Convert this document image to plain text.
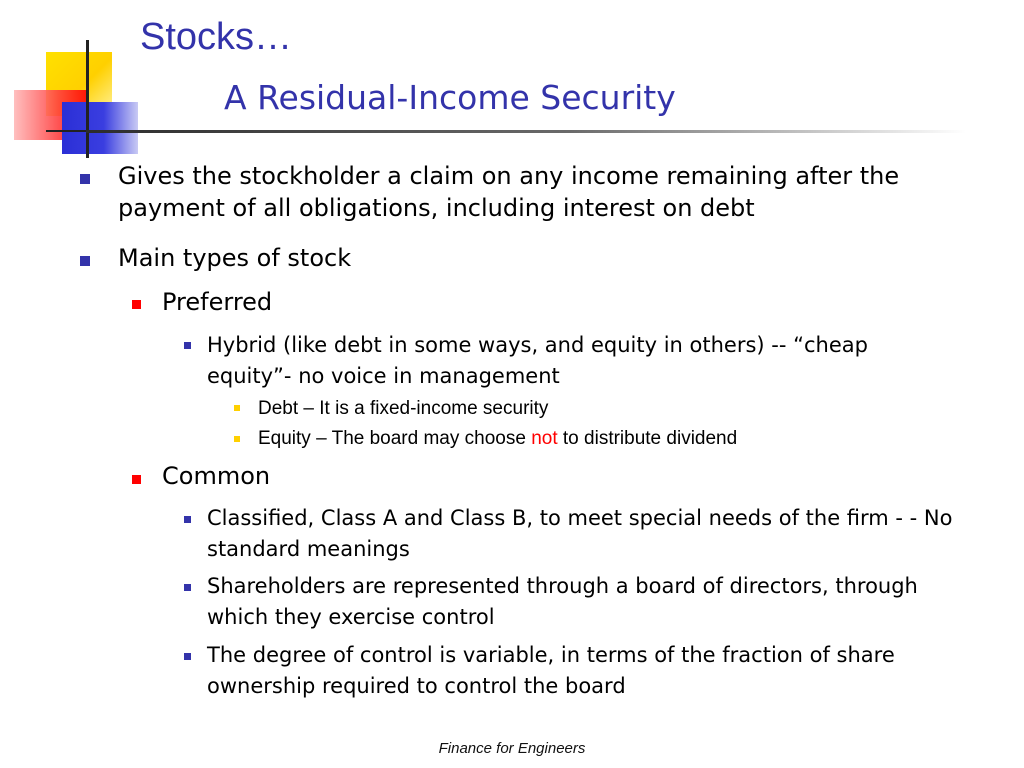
Stocks…
A Residual-Income Security
Gives the stockholder a claim on any income remaining after the payment of all obligations, including interest on debt
Main types of stock
Preferred
Hybrid (like debt in some ways, and equity in others) -- “cheap equity”- no voice in management
Debt – It is a fixed-income security
Equity – The board may choose not to distribute dividend
Common
Classified, Class A and Class B, to meet special needs of the firm - - No standard meanings
Shareholders are represented through a board of directors, through which they exercise control
The degree of control is variable, in terms of the fraction of share ownership required to control the board
Finance for Engineers
